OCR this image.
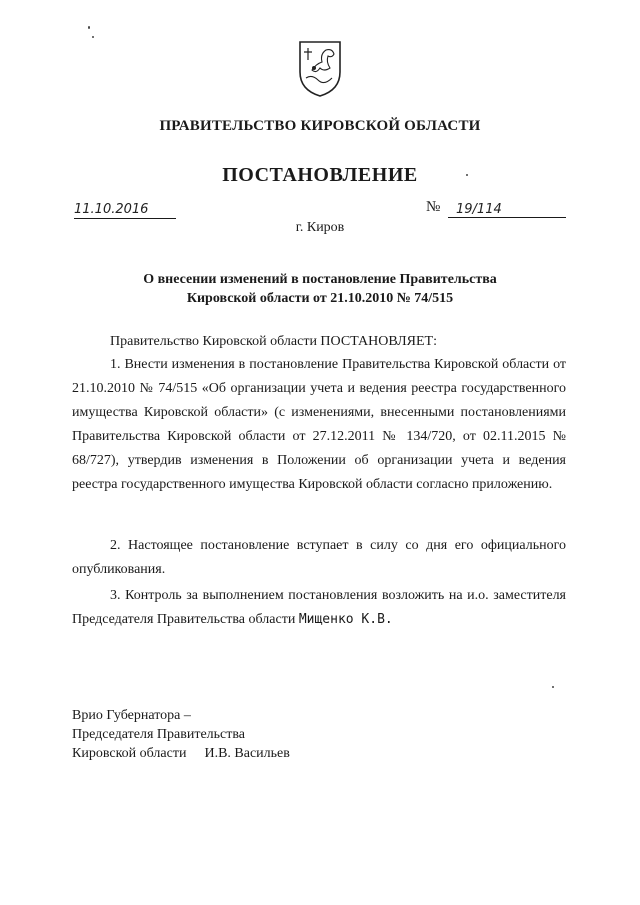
ПРАВИТЕЛЬСТВО КИРОВСКОЙ ОБЛАСТИ
ПОСТАНОВЛЕНИЕ
11.10.2016	№ 19/114
г. Киров
О внесении изменений в постановление Правительства
Кировской области от 21.10.2010 № 74/515

Правительство Кировской области ПОСТАНОВЛЯЕТ:

1. Внести изменения в постановление Правительства Кировской области от 21.10.2010 № 74/515 «Об организации учета и ведения реестра государственного имущества Кировской области» (с изменениями, внесенными постановлениями Правительства Кировской области от 27.12.2011 № 134/720, от 02.11.2015 № 68/727), утвердив изменения в Положении об организации учета и ведения реестра государственного имущества Кировской области согласно приложению.

2. Настоящее постановление вступает в силу со дня его официального опубликования.

3. Контроль за выполнением постановления возложить на и.о. заместителя Председателя Правительства области Мищенко К.В.

Врио Губернатора –
Председателя Правительства
Кировской области И.В. Васильев
